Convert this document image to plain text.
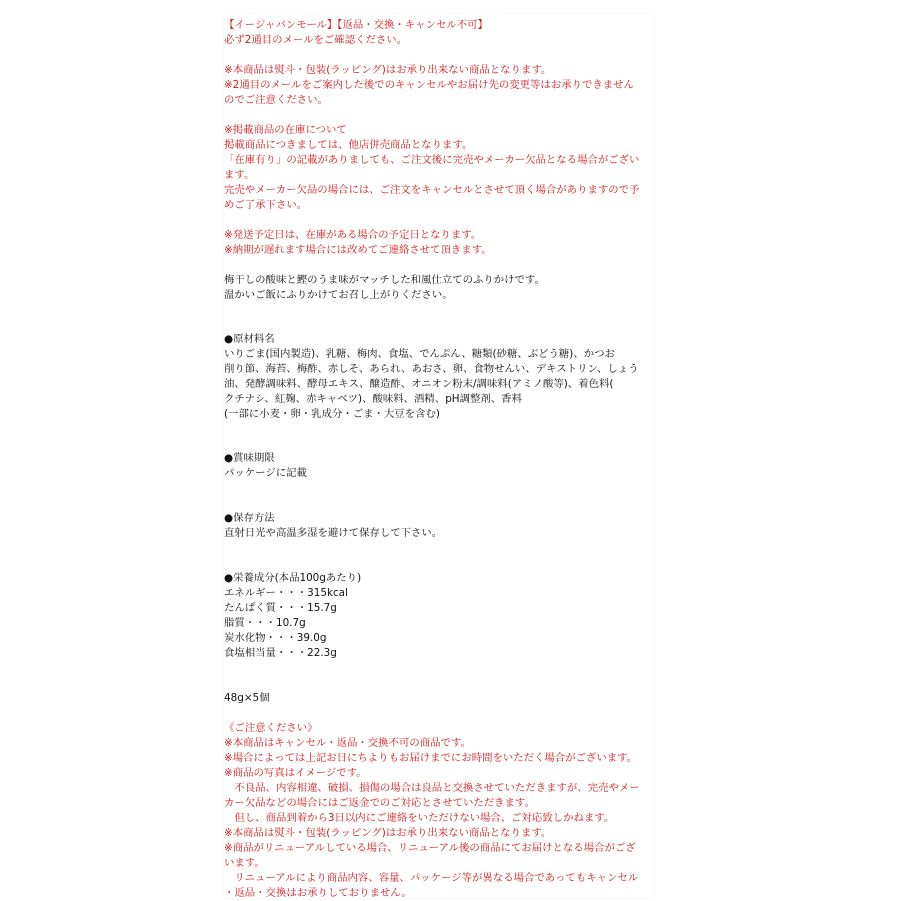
【イージャパンモール】【返品・交換・キャンセル不可】
必ず2通目のメールをご確認ください。
※本商品は熨斗・包装(ラッピング)はお承り出来ない商品となります。
※2通目のメールをご案内した後でのキャンセルやお届け先の変更等はお承りできません
のでご注意ください。
※掲載商品の在庫について
掲載商品につきましては、他店併売商品となります。
「在庫有り」の記載がありましても、ご注文後に完売やメーカー欠品となる場合がござい
ます。
完売やメーカー欠品の場合には、ご注文をキャンセルとさせて頂く場合がありますので予
めご了承下さい。
※発送予定日は、在庫がある場合の予定日となります。
※納期が遅れます場合には改めてご連絡させて頂きます。
梅干しの酸味と鰹のうま味がマッチした和風仕立てのふりかけです。
温かいご飯にふりかけてお召し上がりください。
●原材料名
いりごま(国内製造)、乳糖、梅肉、食塩、でんぷん、糖類(砂糖、ぶどう糖)、かつお
削り節、海苔、梅酢、赤しそ、あられ、あおさ、卵、食物せんい、デキストリン、しょう
油、発酵調味料、酵母エキス、醸造酢、オニオン粉末/調味料(アミノ酸等)、着色料(
クチナシ、紅麹、赤キャベツ)、酸味料、酒精、pH調整剤、香料
(一部に小麦・卵・乳成分・ごま・大豆を含む)
●賞味期限
パッケージに記載
●保存方法
直射日光や高温多湿を避けて保存して下さい。
●栄養成分(本品100gあたり)
エネルギー・・・315kcal
たんぱく質・・・15.7g
脂質・・・10.7g
炭水化物・・・39.0g
食塩相当量・・・22.3g
48g×5個
《ご注意ください》
※本商品はキャンセル・返品・交換不可の商品です。
※場合によっては上記お日にちよりもお届けまでにお時間をいただく場合がございます。
※商品の写真はイメージです。
　不良品、内容相違、破損、損傷の場合は良品と交換させていただきますが、完売やメー
カー欠品などの場合にはご返金でのご対応とさせていただきます。
　但し、商品到着から3日以内にご連絡をいただけない場合、ご対応致しかねます。
※本商品は熨斗・包装(ラッピング)はお承り出来ない商品となります。
※商品がリニューアルしている場合、リニューアル後の商品にてお届けとなる場合がござ
います。
　リニューアルにより商品内容、容量、パッケージ等が異なる場合であってもキャンセル
・返品・交換はお承りしておりません。
